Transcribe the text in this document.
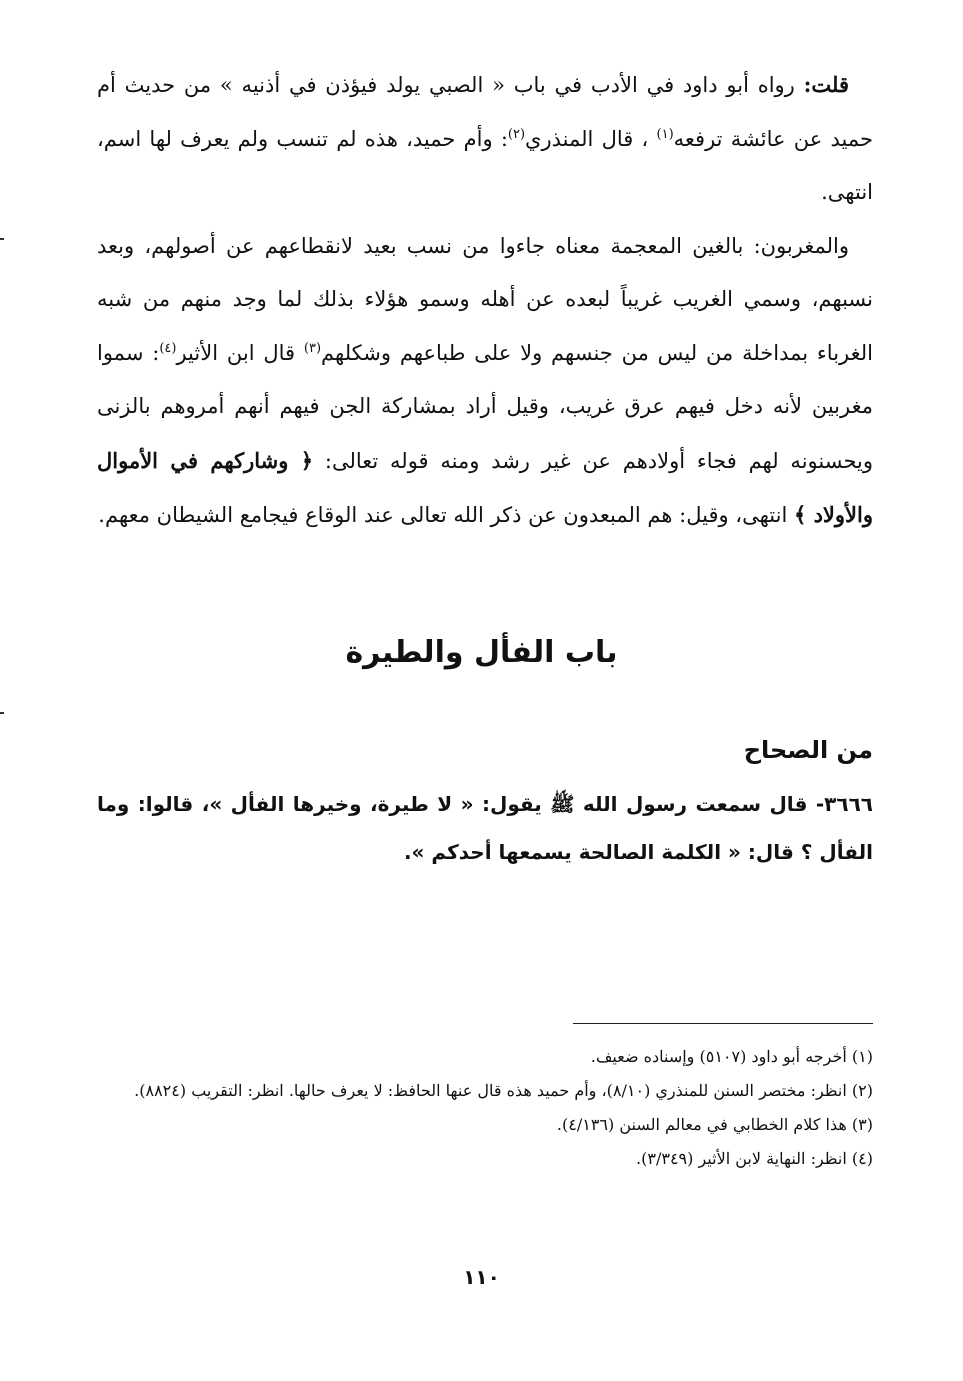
قلت: رواه أبو داود في الأدب في باب « الصبي يولد فيؤذن في أذنيه » من حديث أم حميد عن عائشة ترفعه$^{(١)}$ ، قال المنذري$^{(٢)}$: وأم حميد، هذه لم تنسب ولم يعرف لها اسم، انتهى.

والمغربون: بالغين المعجمة معناه جاءوا من نسب بعيد لانقطاعهم عن أصولهم، وبعد نسبهم، وسمي الغريب غريباً لبعده عن أهله وسمو هؤلاء بذلك لما وجد منهم من شبه الغرباء بمداخلة من ليس من جنسهم ولا على طباعهم وشكلهم$^{(٣)}$ قال ابن الأثير$^{(٤)}$: سموا مغربين لأنه دخل فيهم عرق غريب، وقيل أراد بمشاركة الجن فيهم أنهم أمروهم بالزنى ويحسنونه لهم فجاء أولادهم عن غير رشد ومنه قوله تعالى: ﴿ وشاركهم في الأموال والأولاد ﴾ انتهى، وقيل: هم المبعدون عن ذكر الله تعالى عند الوقاع فيجامع الشيطان معهم.

باب الفأل والطيرة
من الصحاح
٣٦٦٦- قال سمعت رسول الله ﷺ يقول: « لا طيرة، وخيرها الفأل »، قالوا: وما الفأل ؟ قال: « الكلمة الصالحة يسمعها أحدكم ».

(١) أخرجه أبو داود (٥١٠٧) وإسناده ضعيف.

(٢) انظر: مختصر السنن للمنذري (٨/١٠)، وأم حميد هذه قال عنها الحافظ: لا يعرف حالها. انظر: التقريب (٨٨٢٤).

(٣) هذا كلام الخطابي في معالم السنن (٤/١٣٦).

(٤) انظر: النهاية لابن الأثير (٣/٣٤٩).

١١٠
